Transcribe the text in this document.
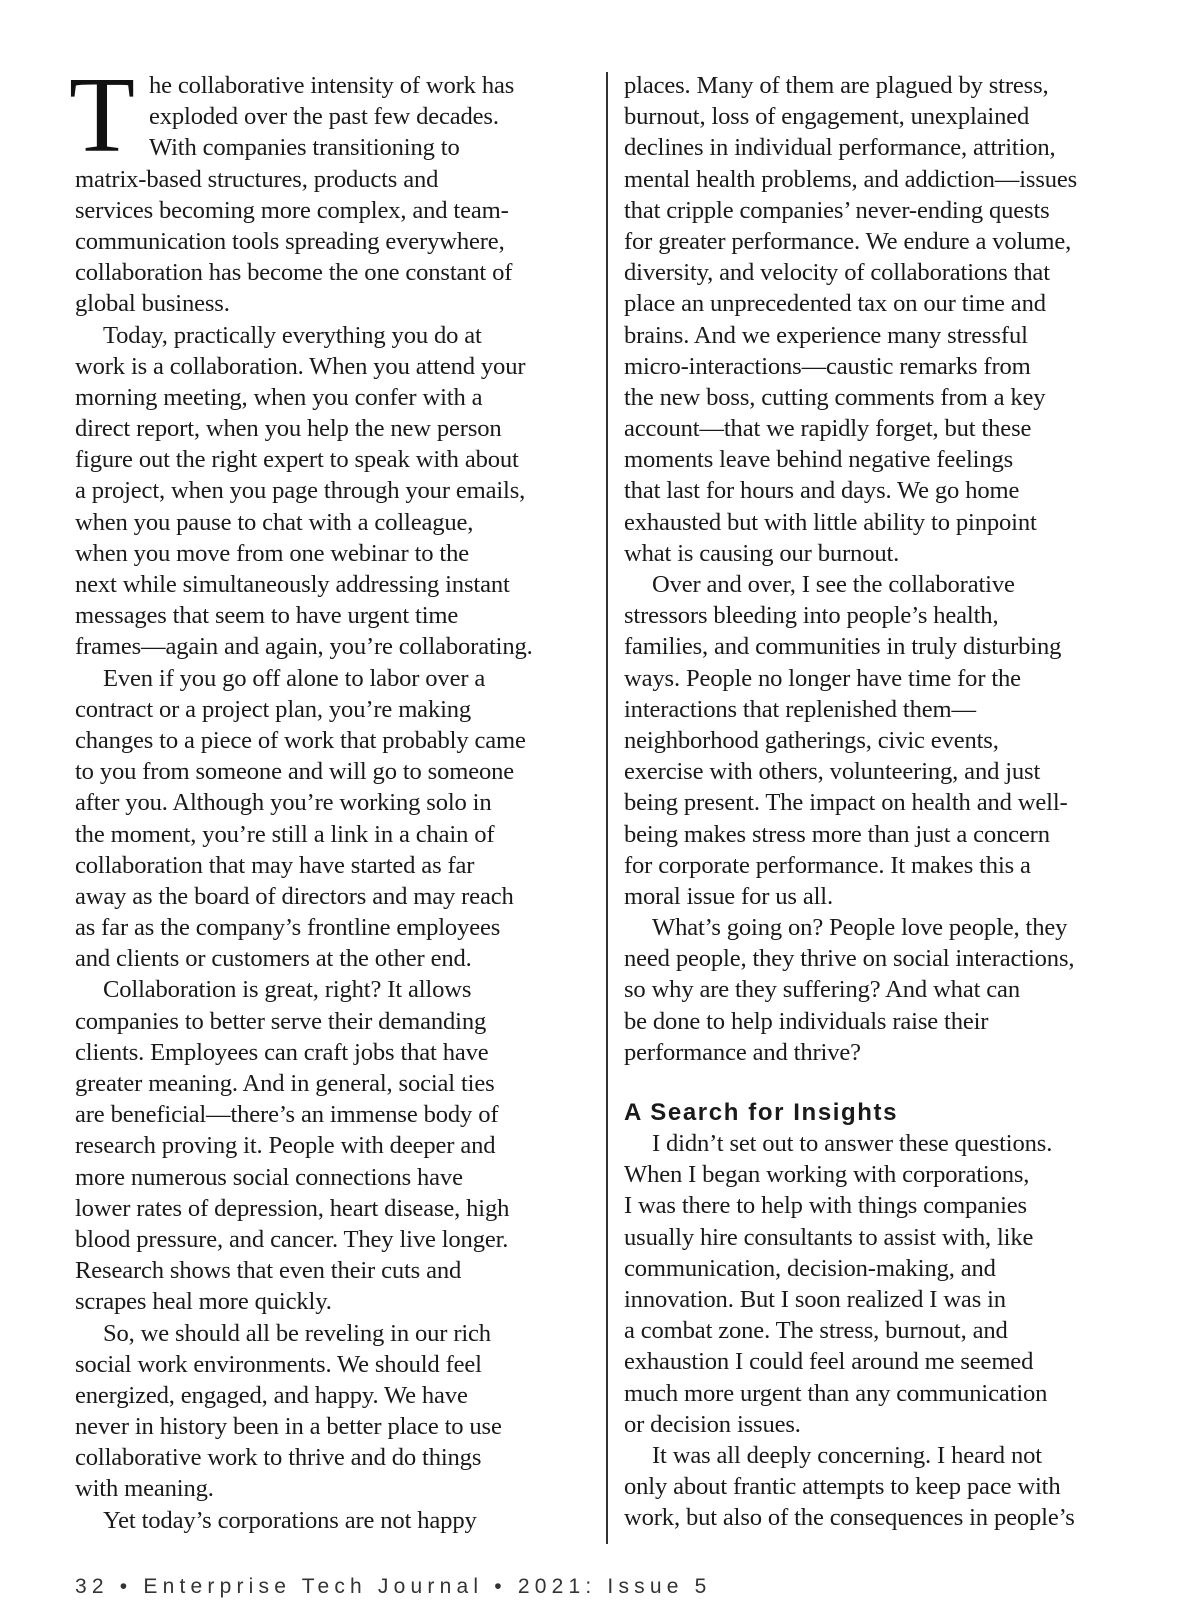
T he collaborative intensity of work has
exploded over the past few decades.
With companies transitioning to
matrix-based structures, products and
services becoming more complex, and team-
communication tools spreading everywhere,
collaboration has become the one constant of
global business.
Today, practically everything you do at
work is a collaboration. When you attend your
morning meeting, when you confer with a
direct report, when you help the new person
figure out the right expert to speak with about
a project, when you page through your emails,
when you pause to chat with a colleague,
when you move from one webinar to the
next while simultaneously addressing instant
messages that seem to have urgent time
frames—again and again, you’re collaborating.
Even if you go off alone to labor over a
contract or a project plan, you’re making
changes to a piece of work that probably came
to you from someone and will go to someone
after you. Although you’re working solo in
the moment, you’re still a link in a chain of
collaboration that may have started as far
away as the board of directors and may reach
as far as the company’s frontline employees
and clients or customers at the other end.
Collaboration is great, right? It allows
companies to better serve their demanding
clients. Employees can craft jobs that have
greater meaning. And in general, social ties
are beneficial—there’s an immense body of
research proving it. People with deeper and
more numerous social connections have
lower rates of depression, heart disease, high
blood pressure, and cancer. They live longer.
Research shows that even their cuts and
scrapes heal more quickly.
So, we should all be reveling in our rich
social work environments. We should feel
energized, engaged, and happy. We have
never in history been in a better place to use
collaborative work to thrive and do things
with meaning.
Yet today’s corporations are not happy
places. Many of them are plagued by stress,
burnout, loss of engagement, unexplained
declines in individual performance, attrition,
mental health problems, and addiction—issues
that cripple companies’ never-ending quests
for greater performance. We endure a volume,
diversity, and velocity of collaborations that
place an unprecedented tax on our time and
brains. And we experience many stressful
micro-interactions—caustic remarks from
the new boss, cutting comments from a key
account—that we rapidly forget, but these
moments leave behind negative feelings
that last for hours and days. We go home
exhausted but with little ability to pinpoint
what is causing our burnout.
Over and over, I see the collaborative
stressors bleeding into people’s health,
families, and communities in truly disturbing
ways. People no longer have time for the
interactions that replenished them—
neighborhood gatherings, civic events,
exercise with others, volunteering, and just
being present. The impact on health and well-
being makes stress more than just a concern
for corporate performance. It makes this a
moral issue for us all.
What’s going on? People love people, they
need people, they thrive on social interactions,
so why are they suffering? And what can
be done to help individuals raise their
performance and thrive?
A Search for Insights
I didn’t set out to answer these questions.
When I began working with corporations,
I was there to help with things companies
usually hire consultants to assist with, like
communication, decision-making, and
innovation. But I soon realized I was in
a combat zone. The stress, burnout, and
exhaustion I could feel around me seemed
much more urgent than any communication
or decision issues.
It was all deeply concerning. I heard not
only about frantic attempts to keep pace with
work, but also of the consequences in people’s
32 • Enterprise Tech Journal • 2021: Issue 5
